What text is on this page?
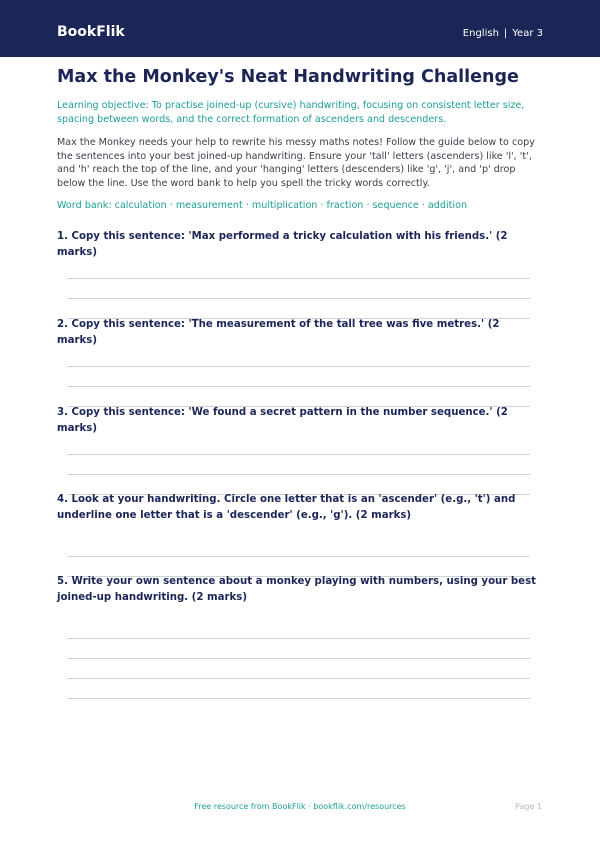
BookFlik	English | Year 3
Max the Monkey's Neat Handwriting Challenge

Learning objective: To practise joined-up (cursive) handwriting, focusing on consistent letter size, spacing between words, and the correct formation of ascenders and descenders.

Max the Monkey needs your help to rewrite his messy maths notes! Follow the guide below to copy the sentences into your best joined-up handwriting. Ensure your 'tall' letters (ascenders) like 'l', 't', and 'h' reach the top of the line, and your 'hanging' letters (descenders) like 'g', 'j', and 'p' drop below the line. Use the word bank to help you spell the tricky words correctly.

Word bank: calculation · measurement · multiplication · fraction · sequence · addition

1. Copy this sentence: 'Max performed a tricky calculation with his friends.' (2 marks)
2. Copy this sentence: 'The measurement of the tall tree was five metres.' (2 marks)
3. Copy this sentence: 'We found a secret pattern in the number sequence.' (2 marks)
4. Look at your handwriting. Circle one letter that is an 'ascender' (e.g., 't') and underline one letter that is a 'descender' (e.g., 'g'). (2 marks)
5. Write your own sentence about a monkey playing with numbers, using your best joined-up handwriting. (2 marks)
Free resource from BookFlik · bookflik.com/resources	Page 1
